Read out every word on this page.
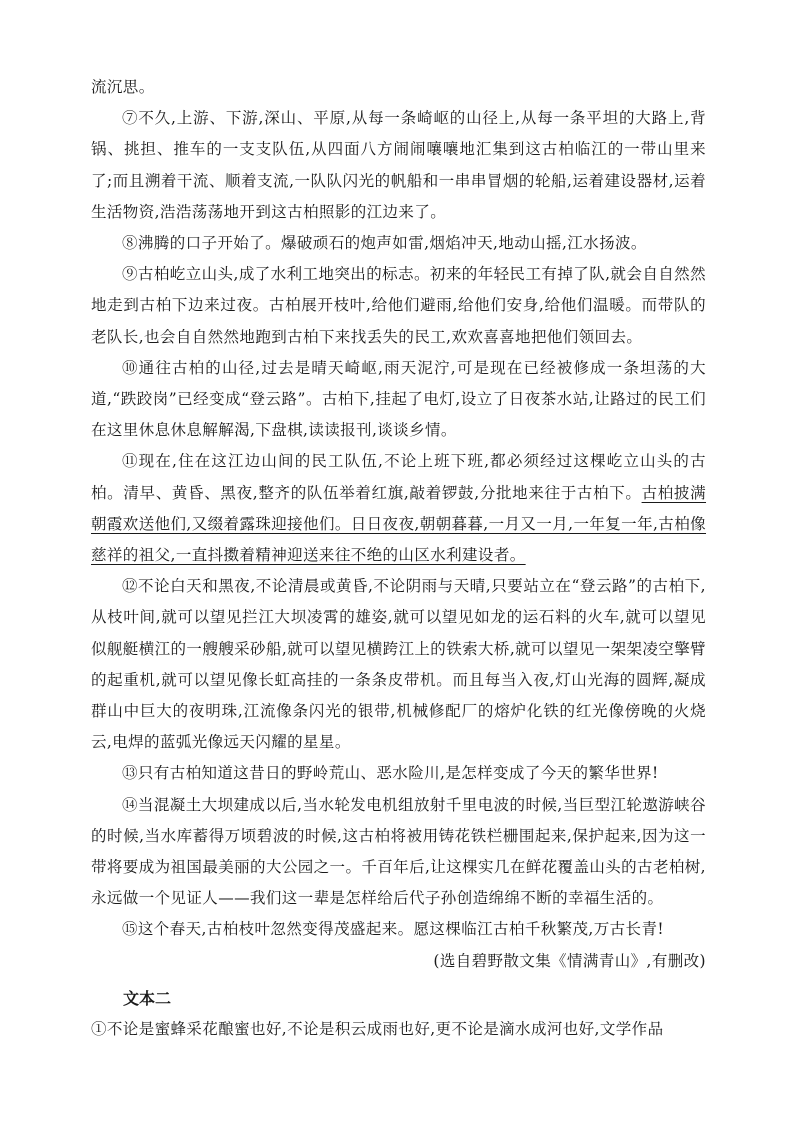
流沉思。

⑦不久,上游、下游,深山、平原,从每一条崎岖的山径上,从每一条平坦的大路上,背锅、挑担、推车的一支支队伍,从四面八方闹闹嚷嚷地汇集到这古柏临江的一带山里来了;而且溯着干流、顺着支流,一队队闪光的帆船和一串串冒烟的轮船,运着建设器材,运着生活物资,浩浩荡荡地开到这古柏照影的江边来了。

⑧沸腾的口子开始了。爆破顽石的炮声如雷,烟焰冲天,地动山摇,江水扬波。

⑨古柏屹立山头,成了水利工地突出的标志。初来的年轻民工有掉了队,就会自自然然地走到古柏下边来过夜。古柏展开枝叶,给他们避雨,给他们安身,给他们温暖。而带队的老队长,也会自自然然地跑到古柏下来找丢失的民工,欢欢喜喜地把他们领回去。

⑩通往古柏的山径,过去是晴天崎岖,雨天泥泞,可是现在已经被修成一条坦荡的大道,“跌跤岗”已经变成“登云路”。古柏下,挂起了电灯,设立了日夜茶水站,让路过的民工们在这里休息休息解解渴,下盘棋,读读报刊,谈谈乡情。

⑪现在,住在这江边山间的民工队伍,不论上班下班,都必须经过这棵屹立山头的古柏。清早、黄昏、黑夜,整齐的队伍举着红旗,敲着锣鼓,分批地来往于古柏下。古柏披满朝霞欢送他们,又缀着露珠迎接他们。日日夜夜,朝朝暮暮,一月又一月,一年复一年,古柏像慈祥的祖父,一直抖擞着精神迎送来往不绝的山区水利建设者。

⑫不论白天和黑夜,不论清晨或黄昏,不论阴雨与天晴,只要站立在“登云路”的古柏下,从枝叶间,就可以望见拦江大坝凌霄的雄姿,就可以望见如龙的运石料的火车,就可以望见似舰艇横江的一艘艘采砂船,就可以望见横跨江上的铁索大桥,就可以望见一架架凌空擎臂的起重机,就可以望见像长虹高挂的一条条皮带机。而且每当入夜,灯山光海的圆辉,凝成群山中巨大的夜明珠,江流像条闪光的银带,机械修配厂的熔炉化铁的红光像傍晚的火烧云,电焊的蓝弧光像远天闪耀的星星。

⑬只有古柏知道这昔日的野岭荒山、恶水险川,是怎样变成了今天的繁华世界!

⑭当混凝土大坝建成以后,当水轮发电机组放射千里电波的时候,当巨型江轮遨游峡谷的时候,当水库蓄得万顷碧波的时候,这古柏将被用铸花铁栏栅围起来,保护起来,因为这一带将要成为祖国最美丽的大公园之一。千百年后,让这棵实几在鲜花覆盖山头的古老柏树,永远做一个见证人——我们这一辈是怎样给后代子孙创造绵绵不断的幸福生活的。

⑮这个春天,古柏枝叶忽然变得茂盛起来。愿这棵临江古柏千秋繁茂,万古长青!

(选自碧野散文集《情满青山》,有删改)

文本二

①不论是蜜蜂采花酿蜜也好,不论是积云成雨也好,更不论是滴水成河也好,文学作品
